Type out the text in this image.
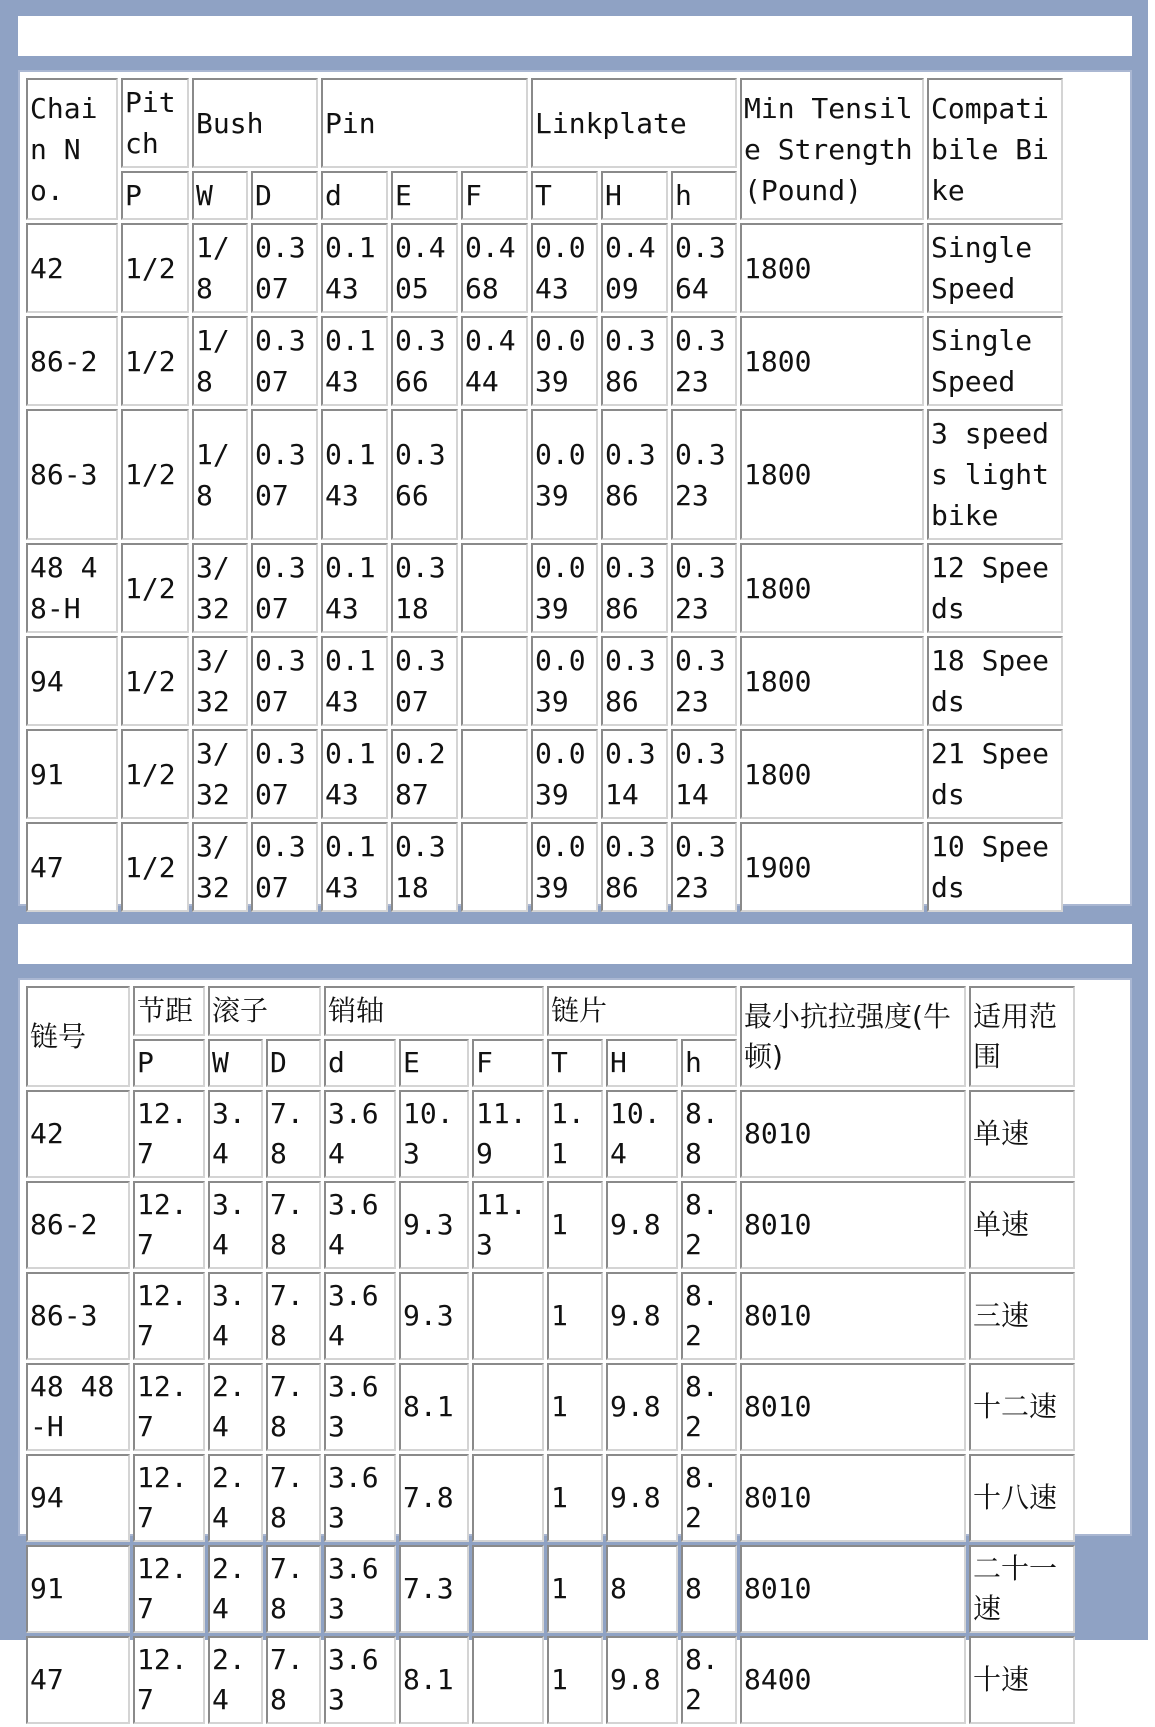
Chain No.	Pitch	Bush		Pin			Linkplate			Min Tensile Strength(Pound)	Compatibile Bike
	P	W	D	d	E	F	T	H	h		
42	1/2	1/8	0.307	0.143	0.405	0.468	0.043	0.409	0.364	1800	Single Speed
86-2	1/2	1/8	0.307	0.143	0.366	0.444	0.039	0.386	0.323	1800	Single Speed
86-3	1/2	1/8	0.307	0.143	0.366		0.039	0.386	0.323	1800	3 speeds light bike
48 48-H	1/2	3/32	0.307	0.143	0.318		0.039	0.386	0.323	1800	12 Speeds
94	1/2	3/32	0.307	0.143	0.307		0.039	0.386	0.323	1800	18 Speeds
91	1/2	3/32	0.307	0.143	0.287		0.039	0.314	0.314	1800	21 Speeds
47	1/2	3/32	0.307	0.143	0.318		0.039	0.386	0.323	1900	10 Speeds
链号	节距	滚子		销轴			链片			最小抗拉强度(牛顿)	适用范围
	P	W	D	d	E	F	T	H	h		
42	12.7	3.4	7.8	3.64	10.3	11.9	1.1	10.4	8.8	8010	单速
86-2	12.7	3.4	7.8	3.64	9.3	11.3	1	9.8	8.2	8010	单速
86-3	12.7	3.4	7.8	3.64	9.3		1	9.8	8.2	8010	三速
48 48-H	12.7	2.4	7.8	3.63	8.1		1	9.8	8.2	8010	十二速
94	12.7	2.4	7.8	3.63	7.8		1	9.8	8.2	8010	十八速
91	12.7	2.4	7.8	3.63	7.3		1	8	8	8010	二十一速
47	12.7	2.4	7.8	3.63	8.1		1	9.8	8.2	8400	十速
